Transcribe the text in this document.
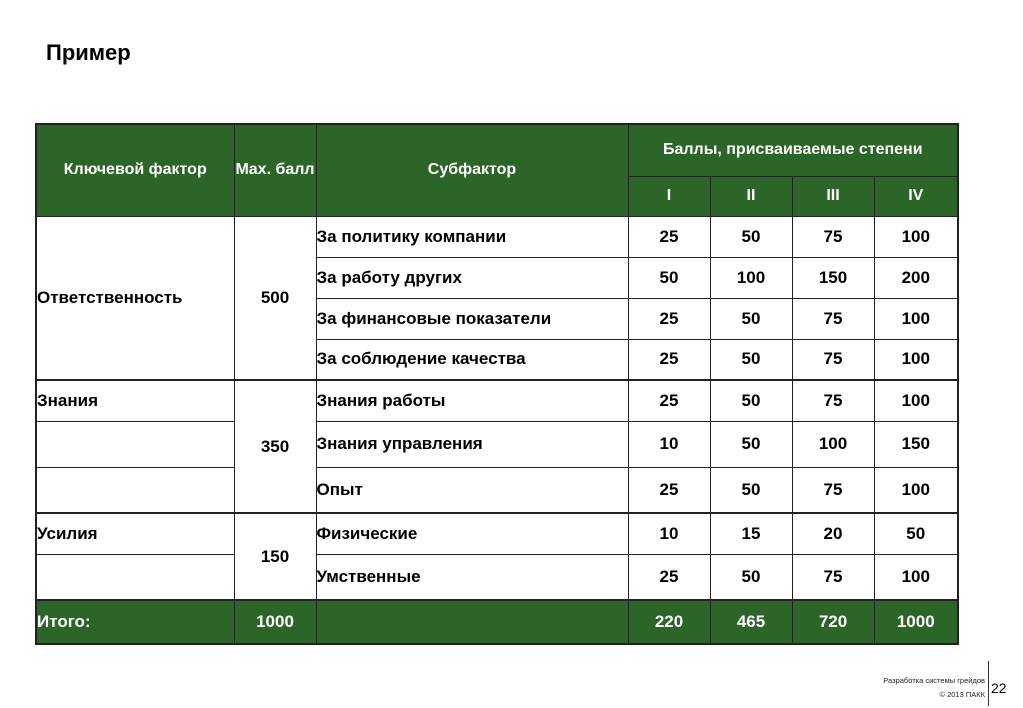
Пример
Ключевой фактор	Max. балл	Субфактор	Баллы, присваиваемые степени			
			I	II	III	IV
Ответственность	500	За политику компании	25	50	75	100
		За работу других	50	100	150	200
		За финансовые показатели	25	50	75	100
		За соблюдение качества	25	50	75	100
Знания	350	Знания работы	25	50	75	100
		Знания управления	10	50	100	150
		Опыт	25	50	75	100
Усилия	150	Физические	10	15	20	50
		Умственные	25	50	75	100
Итого:	1000		220	465	720	1000
Разработка системы грейдов
© 2013 ПАКК 22
